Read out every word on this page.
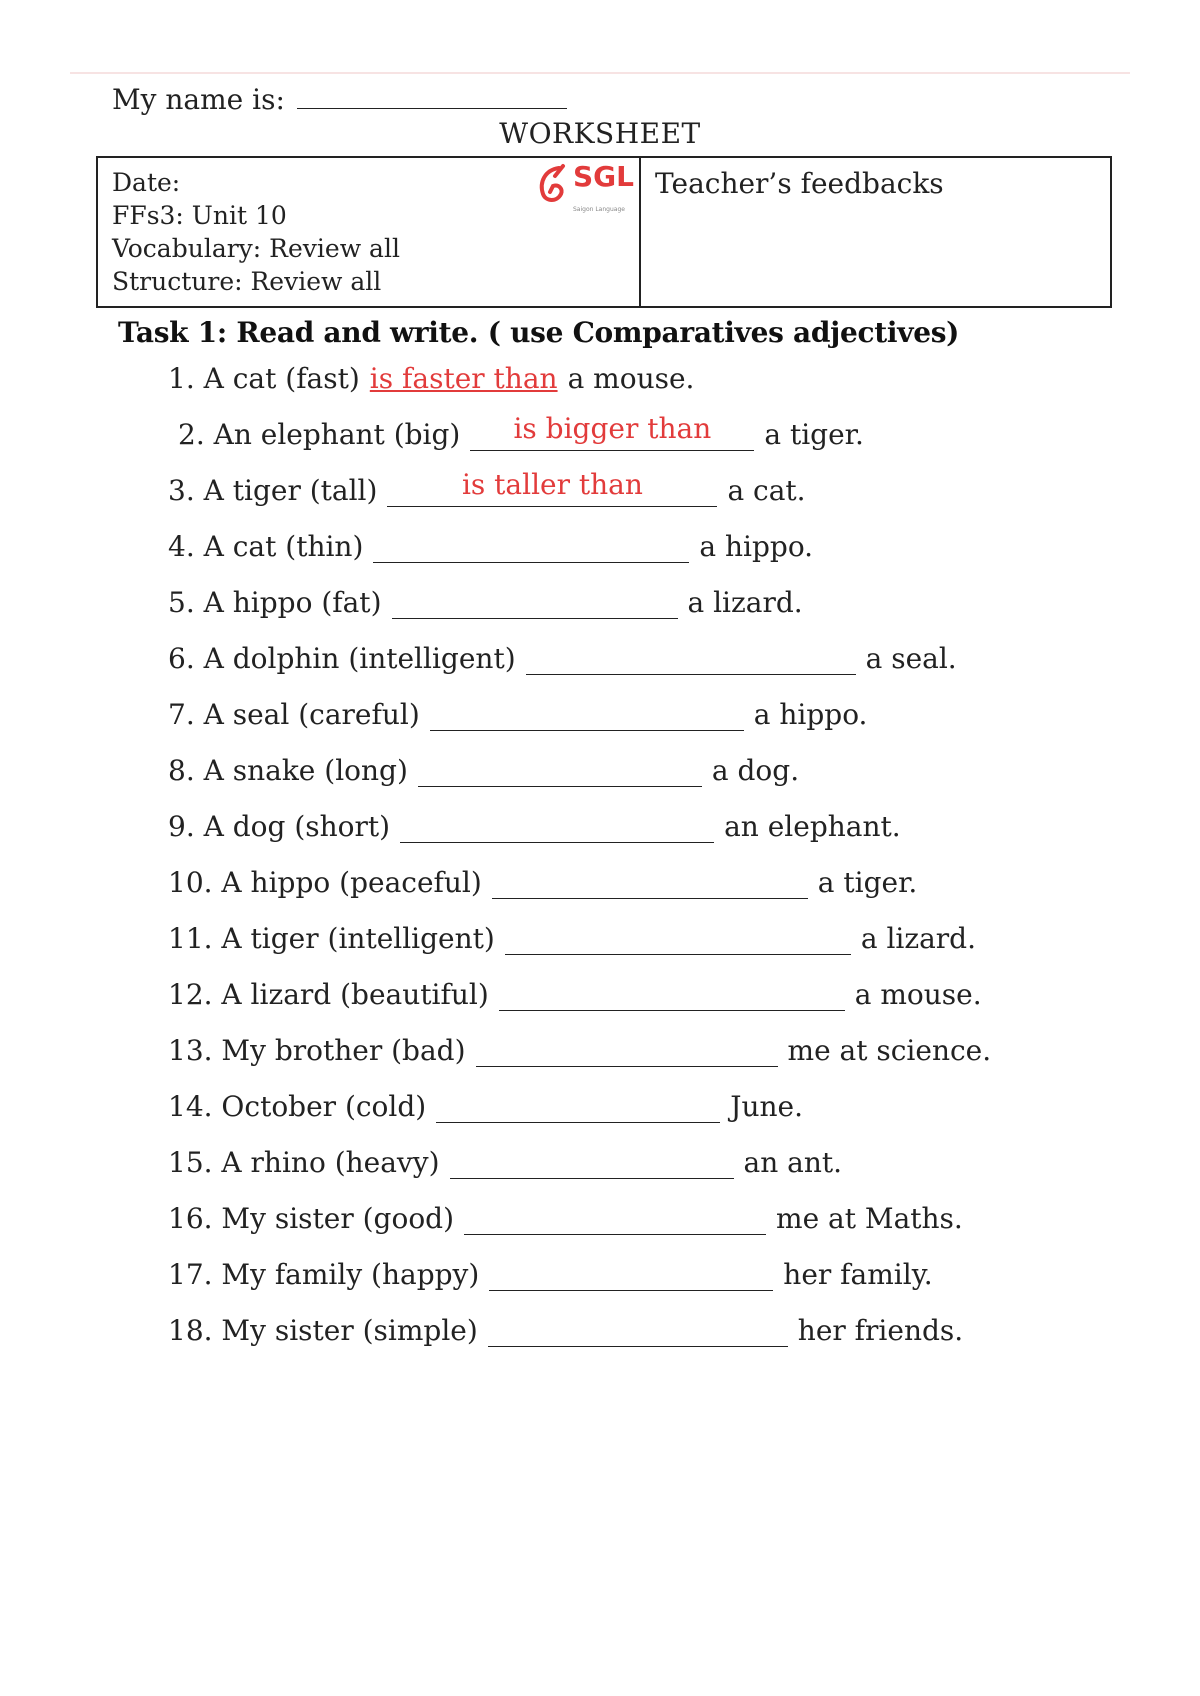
My name is:
WORKSHEET
Date:
FFs3: Unit 10
Vocabulary: Review all
Structure: Review all
SGL
Saigon Language
Teacher’s feedbacks
Task 1: Read and write. ( use Comparatives adjectives)
1. A cat (fast) is faster than a mouse.
2. An elephant (big)	is bigger than	a tiger.
3. A tiger (tall)	is taller than	a cat.
4. A cat (thin)	a hippo.
5. A hippo (fat)	a lizard.
6. A dolphin (intelligent)	a seal.
7. A seal (careful)	a hippo.
8. A snake (long)	a dog.
9. A dog (short)	an elephant.
10. A hippo (peaceful)	a tiger.
11. A tiger (intelligent)	a lizard.
12. A lizard (beautiful)	a mouse.
13. My brother (bad)	me at science.
14. October (cold)	June.
15. A rhino (heavy)	an ant.
16. My sister (good)	me at Maths.
17. My family (happy)	her family.
18. My sister (simple)	her friends.
